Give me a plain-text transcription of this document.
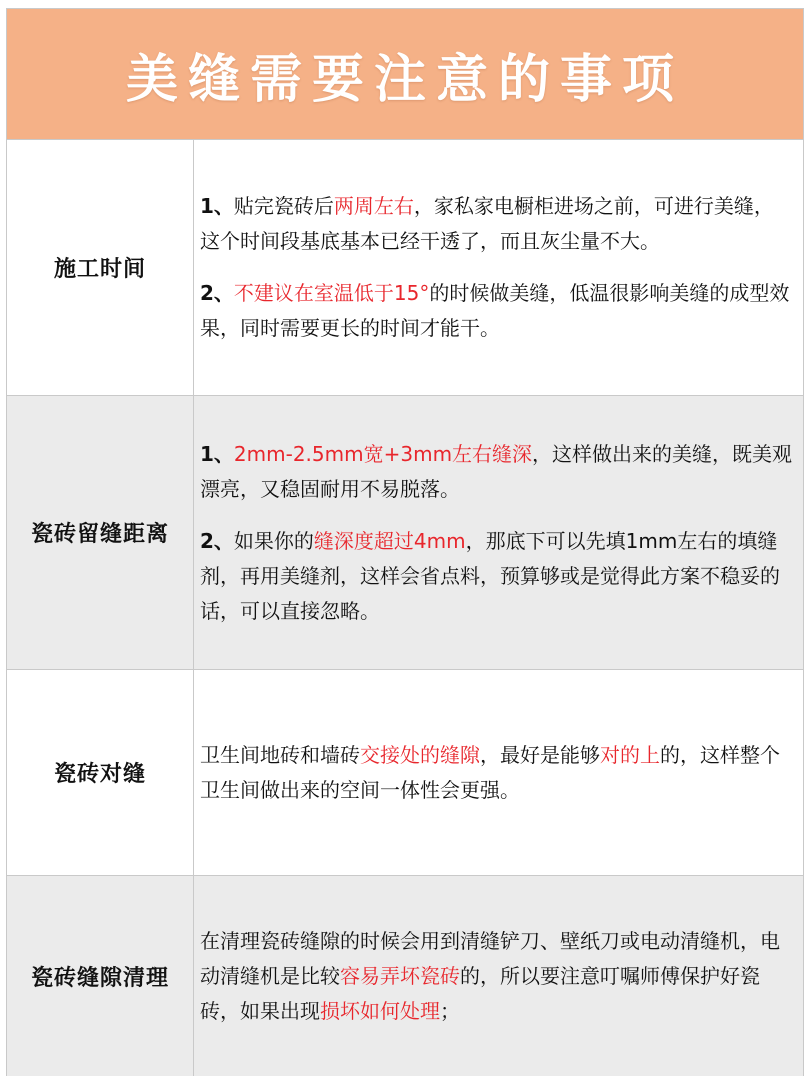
美缝需要注意的事项
施工时间

1、贴完瓷砖后两周左右，家私家电橱柜进场之前，可进行美缝，这个时间段基底基本已经干透了，而且灰尘量不大。

2、不建议在室温低于15°的时候做美缝，低温很影响美缝的成型效果，同时需要更长的时间才能干。

瓷砖留缝距离

1、2mm-2.5mm宽+3mm左右缝深，这样做出来的美缝，既美观漂亮，又稳固耐用不易脱落。

2、如果你的缝深度超过4mm，那底下可以先填1mm左右的填缝剂，再用美缝剂，这样会省点料，预算够或是觉得此方案不稳妥的话，可以直接忽略。

瓷砖对缝

卫生间地砖和墙砖交接处的缝隙，最好是能够对的上的，这样整个卫生间做出来的空间一体性会更强。

瓷砖缝隙清理

在清理瓷砖缝隙的时候会用到清缝铲刀、壁纸刀或电动清缝机，电动清缝机是比较容易弄坏瓷砖的，所以要注意叮嘱师傅保护好瓷砖，如果出现损坏如何处理；
